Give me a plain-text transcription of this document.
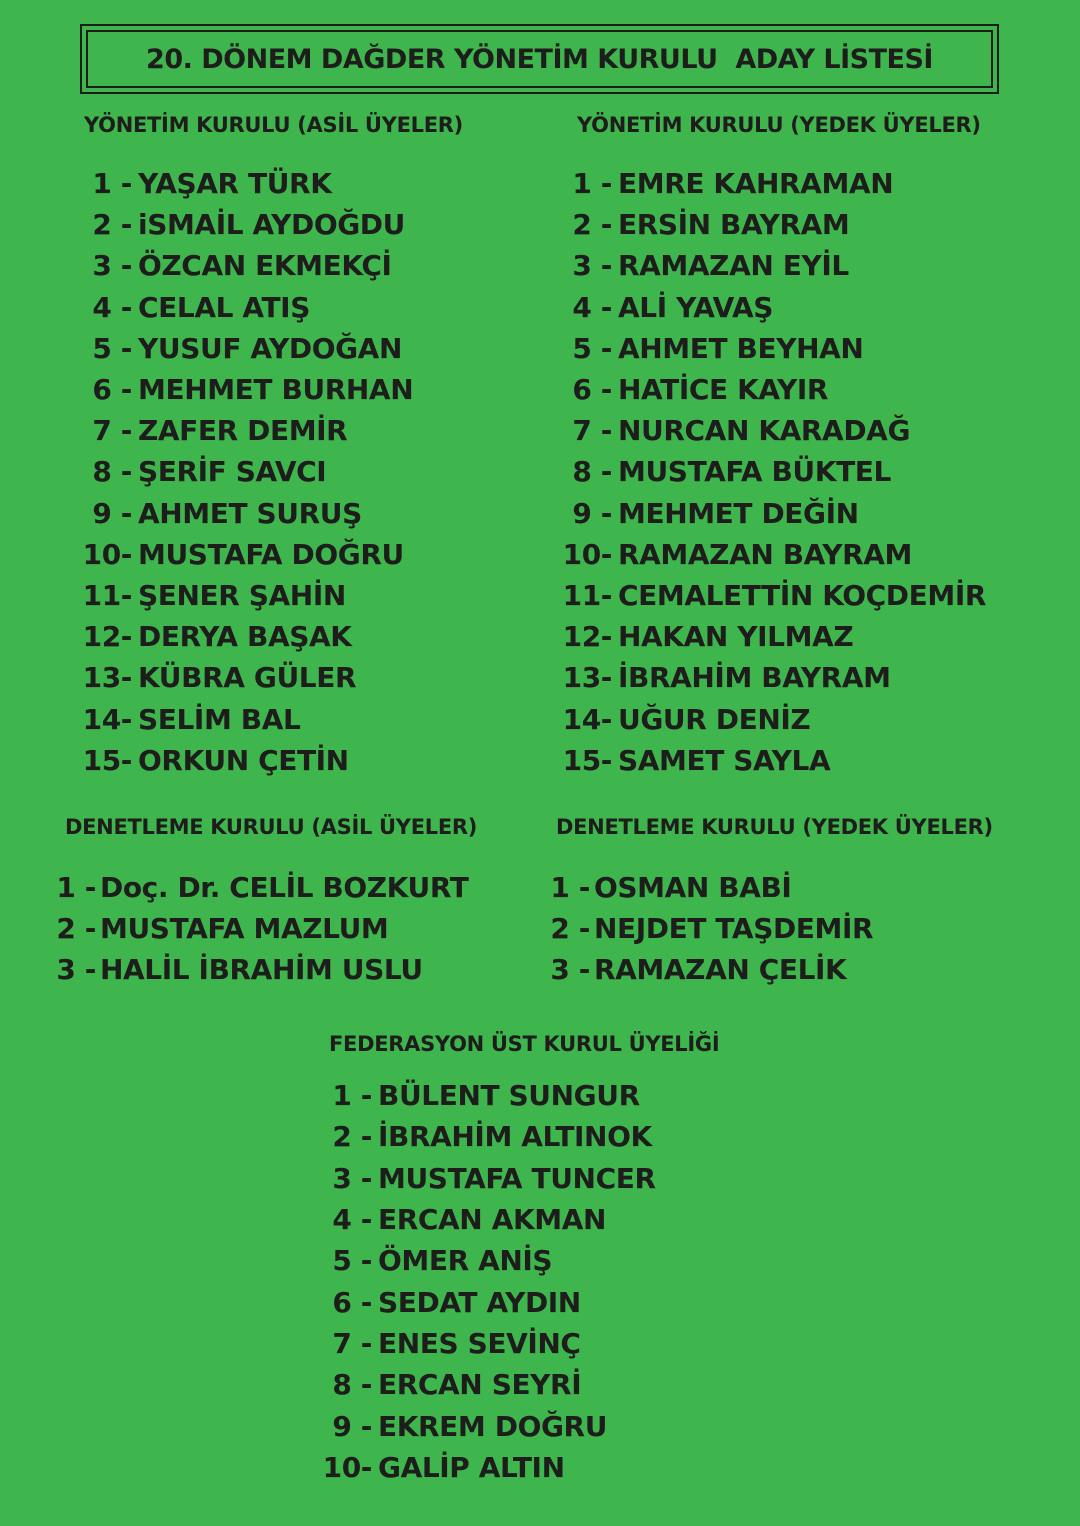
20. DÖNEM DAĞDER YÖNETİM KURULU  ADAY LİSTESİ
YÖNETİM KURULU (ASİL ÜYELER)
1 - YAŞAR TÜRK
2 - iSMAİL AYDOĞDU
3 - ÖZCAN EKMEKÇİ
4 - CELAL ATIŞ
5 - YUSUF AYDOĞAN
6 - MEHMET BURHAN
7 - ZAFER DEMİR
8 - ŞERİF SAVCI
9 - AHMET SURUŞ
10- MUSTAFA DOĞRU
11- ŞENER ŞAHİN
12- DERYA BAŞAK
13- KÜBRA GÜLER
14- SELİM BAL
15- ORKUN ÇETİN
YÖNETİM KURULU (YEDEK ÜYELER)
1 - EMRE KAHRAMAN
2 - ERSİN BAYRAM
3 - RAMAZAN EYİL
4 - ALİ YAVAŞ
5 - AHMET BEYHAN
6 - HATİCE KAYIR
7 - NURCAN KARADAĞ
8 - MUSTAFA BÜKTEL
9 - MEHMET DEĞİN
10- RAMAZAN BAYRAM
11- CEMALETTİN KOÇDEMİR
12- HAKAN YILMAZ
13- İBRAHİM BAYRAM
14- UĞUR DENİZ
15- SAMET SAYLA
DENETLEME KURULU (ASİL ÜYELER)
1 - Doç. Dr. CELİL BOZKURT
2 - MUSTAFA MAZLUM
3 - HALİL İBRAHİM USLU
DENETLEME KURULU (YEDEK ÜYELER)
1 - OSMAN BABİ
2 - NEJDET TAŞDEMİR
3 - RAMAZAN ÇELİK
FEDERASYON ÜST KURUL ÜYELİĞİ
1 - BÜLENT SUNGUR
2 - İBRAHİM ALTINOK
3 - MUSTAFA TUNCER
4 - ERCAN AKMAN
5 - ÖMER ANİŞ
6 - SEDAT AYDIN
7 - ENES SEVİNÇ
8 - ERCAN SEYRİ
9 - EKREM DOĞRU
10- GALİP ALTIN
